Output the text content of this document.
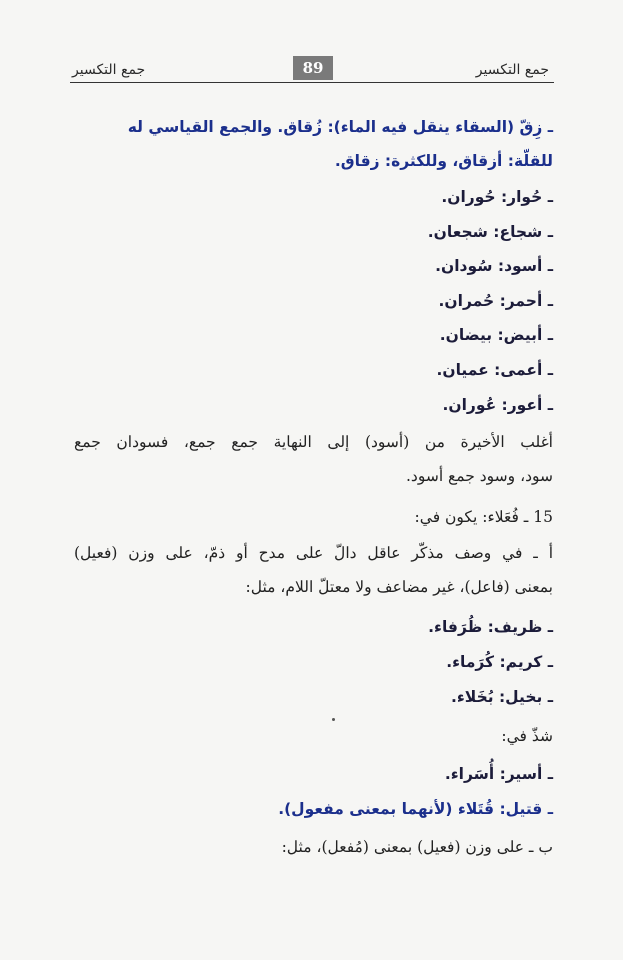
جمع التكسير	89	جمع التكسير
ـ زِقّ (السقاء ينقل فيه الماء): زُقاق. والجمع القياسي له
للقلّة: أزقاق، وللكثرة: زقاق.
ـ حُوار: حُوران.
ـ شجاع: شجعان.
ـ أسود: سُودان.
ـ أحمر: حُمران.
ـ أبيض: بيضان.
ـ أعمى: عميان.
ـ أعور: عُوران.
أغلب الأخيرة من (أسود) إلى النهاية جمع جمع، فسودان جمع
سود، وسود جمع أسود.
15 ـ فُعَلاء: يكون في:
أ ـ في وصف مذكّر عاقل دالّ على مدح أو ذمّ، على وزن (فعيل)
بمعنى (فاعل)، غير مضاعف ولا معتلّ اللام، مثل:
ـ ظريف: ظُرَفاء.
ـ كريم: كُرَماء.
ـ بخيل: بُخَلاء.
شذّ في:
ـ أسير: أُسَراء.
ـ قتيل: قُتَلاء (لأنهما بمعنى مفعول).
ب ـ على وزن (فعيل) بمعنى (مُفعل)، مثل:
